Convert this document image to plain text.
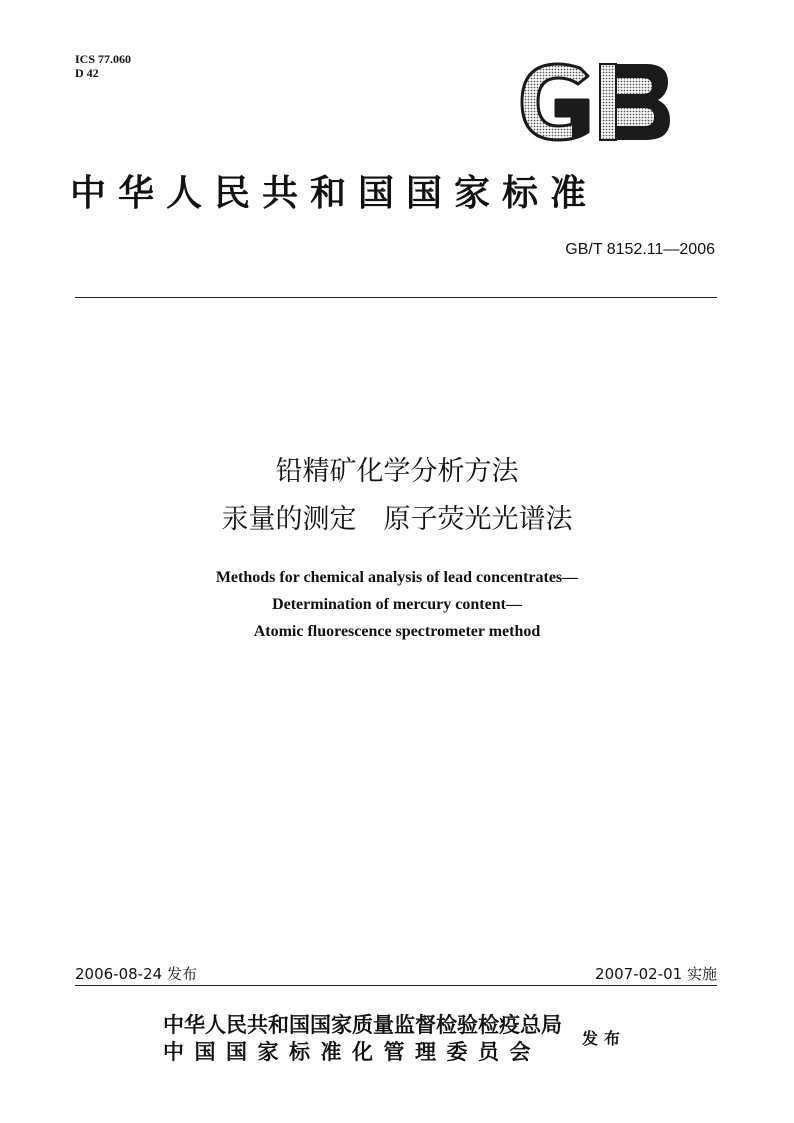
ICS 77.060
D 42
中华人民共和国国家标准
GB/T 8152.11—2006
铅精矿化学分析方法
汞量的测定　原子荧光光谱法
Methods for chemical analysis of lead concentrates—
Determination of mercury content—
Atomic fluorescence spectrometer method
2006-08-24 发布	2007-02-01 实施
中华人民共和国国家质量监督检验检疫总局
中国国家标准化管理委员会
发布
